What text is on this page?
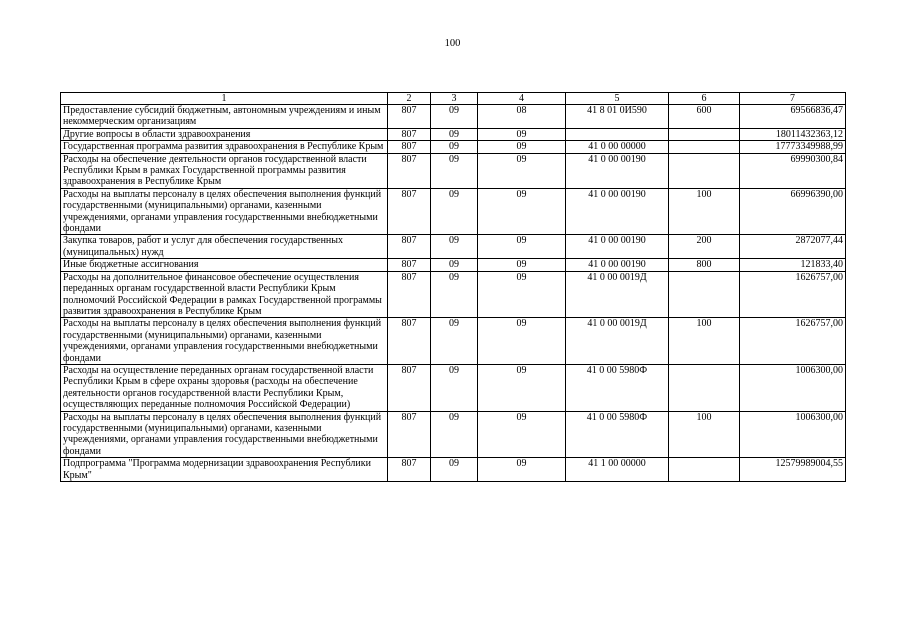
100
1	2	3	4	5	6	7
Предоставление субсидий бюджетным, автономным учреждениям и иным некоммерческим организациям	807	09	08	41 8 01 0И590	600	69566836,47
Другие вопросы в области здравоохранения	807	09	09			18011432363,12
Государственная программа развития здравоохранения в Республике Крым	807	09	09	41 0 00 00000		17773349988,99
Расходы на обеспечение деятельности органов государственной власти Республики Крым в рамках Государственной программы развития здравоохранения в Республике Крым	807	09	09	41 0 00 00190		69990300,84
Расходы на выплаты персоналу в целях обеспечения выполнения функций государственными (муниципальными) органами, казенными учреждениями, органами управления государственными внебюджетными фондами	807	09	09	41 0 00 00190	100	66996390,00
Закупка товаров, работ и услуг для обеспечения государственных (муниципальных) нужд	807	09	09	41 0 00 00190	200	2872077,44
Иные бюджетные ассигнования	807	09	09	41 0 00 00190	800	121833,40
Расходы на дополнительное финансовое обеспечение осуществления переданных органам государственной власти Республики Крым полномочий Российской Федерации в рамках Государственной программы развития здравоохранения в Республике Крым	807	09	09	41 0 00 0019Д		1626757,00
Расходы на выплаты персоналу в целях обеспечения выполнения функций государственными (муниципальными) органами, казенными учреждениями, органами управления государственными внебюджетными фондами	807	09	09	41 0 00 0019Д	100	1626757,00
Расходы на осуществление переданных органам государственной власти Республики Крым в сфере охраны здоровья (расходы на обеспечение деятельности органов государственной власти Республики Крым, осуществляющих переданные полномочия Российской Федерации)	807	09	09	41 0 00 5980Ф		1006300,00
Расходы на выплаты персоналу в целях обеспечения выполнения функций государственными (муниципальными) органами, казенными учреждениями, органами управления государственными внебюджетными фондами	807	09	09	41 0 00 5980Ф	100	1006300,00
Подпрограмма "Программа модернизации здравоохранения Республики Крым"	807	09	09	41 1 00 00000		12579989004,55
